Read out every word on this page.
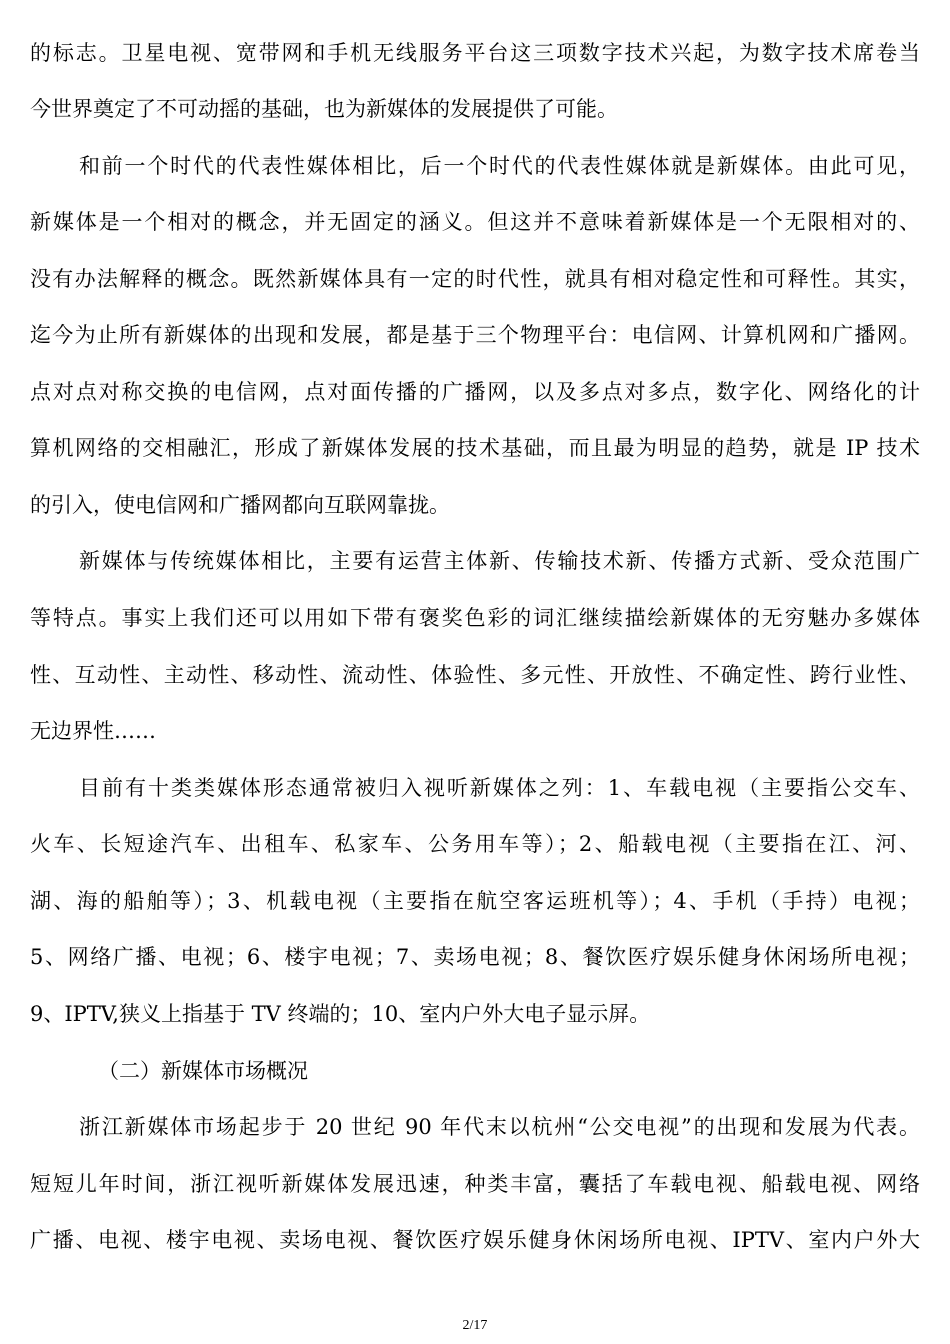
的标志。卫星电视、宽带网和手机无线服务平台这三项数字技术兴起，为数字技术席卷当
今世界奠定了不可动摇的基础，也为新媒体的发展提供了可能。
和前一个时代的代表性媒体相比，后一个时代的代表性媒体就是新媒体。由此可见，
新媒体是一个相对的概念，并无固定的涵义。但这并不意味着新媒体是一个无限相对的、
没有办法解释的概念。既然新媒体具有一定的时代性，就具有相对稳定性和可释性。其实，
迄今为止所有新媒体的出现和发展，都是基于三个物理平台：电信网、计算机网和广播网。
点对点对称交换的电信网，点对面传播的广播网，以及多点对多点，数字化、网络化的计
算机网络的交相融汇，形成了新媒体发展的技术基础，而且最为明显的趋势，就是 IP 技术
的引入，使电信网和广播网都向互联网靠拢。
新媒体与传统媒体相比，主要有运营主体新、传输技术新、传播方式新、受众范围广
等特点。事实上我们还可以用如下带有褒奖色彩的词汇继续描绘新媒体的无穷魅办多媒体
性、互动性、主动性、移动性、流动性、体验性、多元性、开放性、不确定性、跨行业性、
无边界性……
目前有十类类媒体形态通常被归入视听新媒体之列：1、车载电视（主要指公交车、
火车、长短途汽车、出租车、私家车、公务用车等）；2、船载电视（主要指在江、河、
湖、海的船舶等）；3、机载电视（主要指在航空客运班机等）；4、手机（手持）电视；
5、网络广播、电视；6、楼宇电视；7、卖场电视；8、餐饮医疗娱乐健身休闲场所电视；
9、IPTV,狭义上指基于 TV 终端的；10、室内户外大电子显示屏。
（二）新媒体市场概况
浙江新媒体市场起步于 20 世纪 90 年代末以杭州“公交电视”的出现和发展为代表。
短短儿年时间，浙江视听新媒体发展迅速，种类丰富，囊括了车载电视、船载电视、网络
广播、电视、楼宇电视、卖场电视、餐饮医疗娱乐健身休闲场所电视、IPTV、室内户外大
2/17
